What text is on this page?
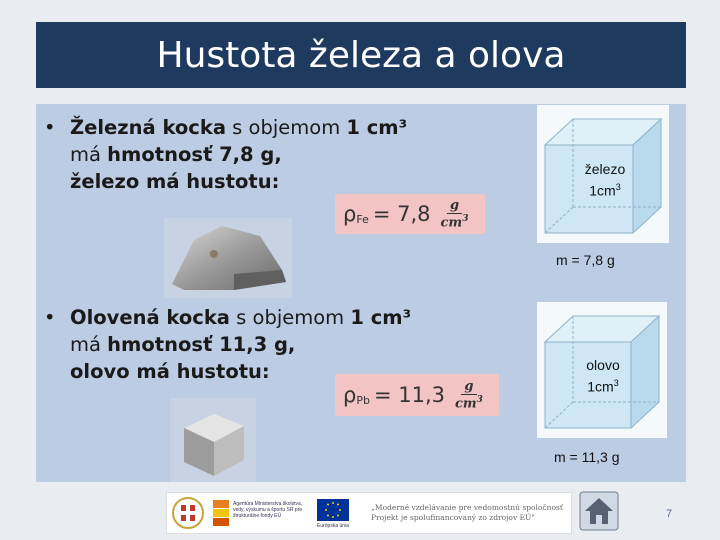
Hustota železa a olova
• Železná kocka s objemom 1 cm³
má hmotnosť 7,8 g,
železo má hustotu:
ρ $Fe = 7,8 \frac{g}{cm^3}$
železo
$1cm^3$
m = 7,8 g
• Olovená kocka s objemom 1 cm³
má hmotnosť 11,3 g,
olovo má hustotu:
ρ $Pb = 11,3 \frac{g}{cm^3}$
olovo
$1cm^3$
m = 11,3 g
Agentúra Ministerstva školstva, vedy, výskumu a športu SR pre štrukturálne fondy EÚ
Európska únia
„Moderné vzdelávanie pre vedomostnú spoločnosť
Projekt je spolufinancovaný zo zdrojov EÚ"	7
